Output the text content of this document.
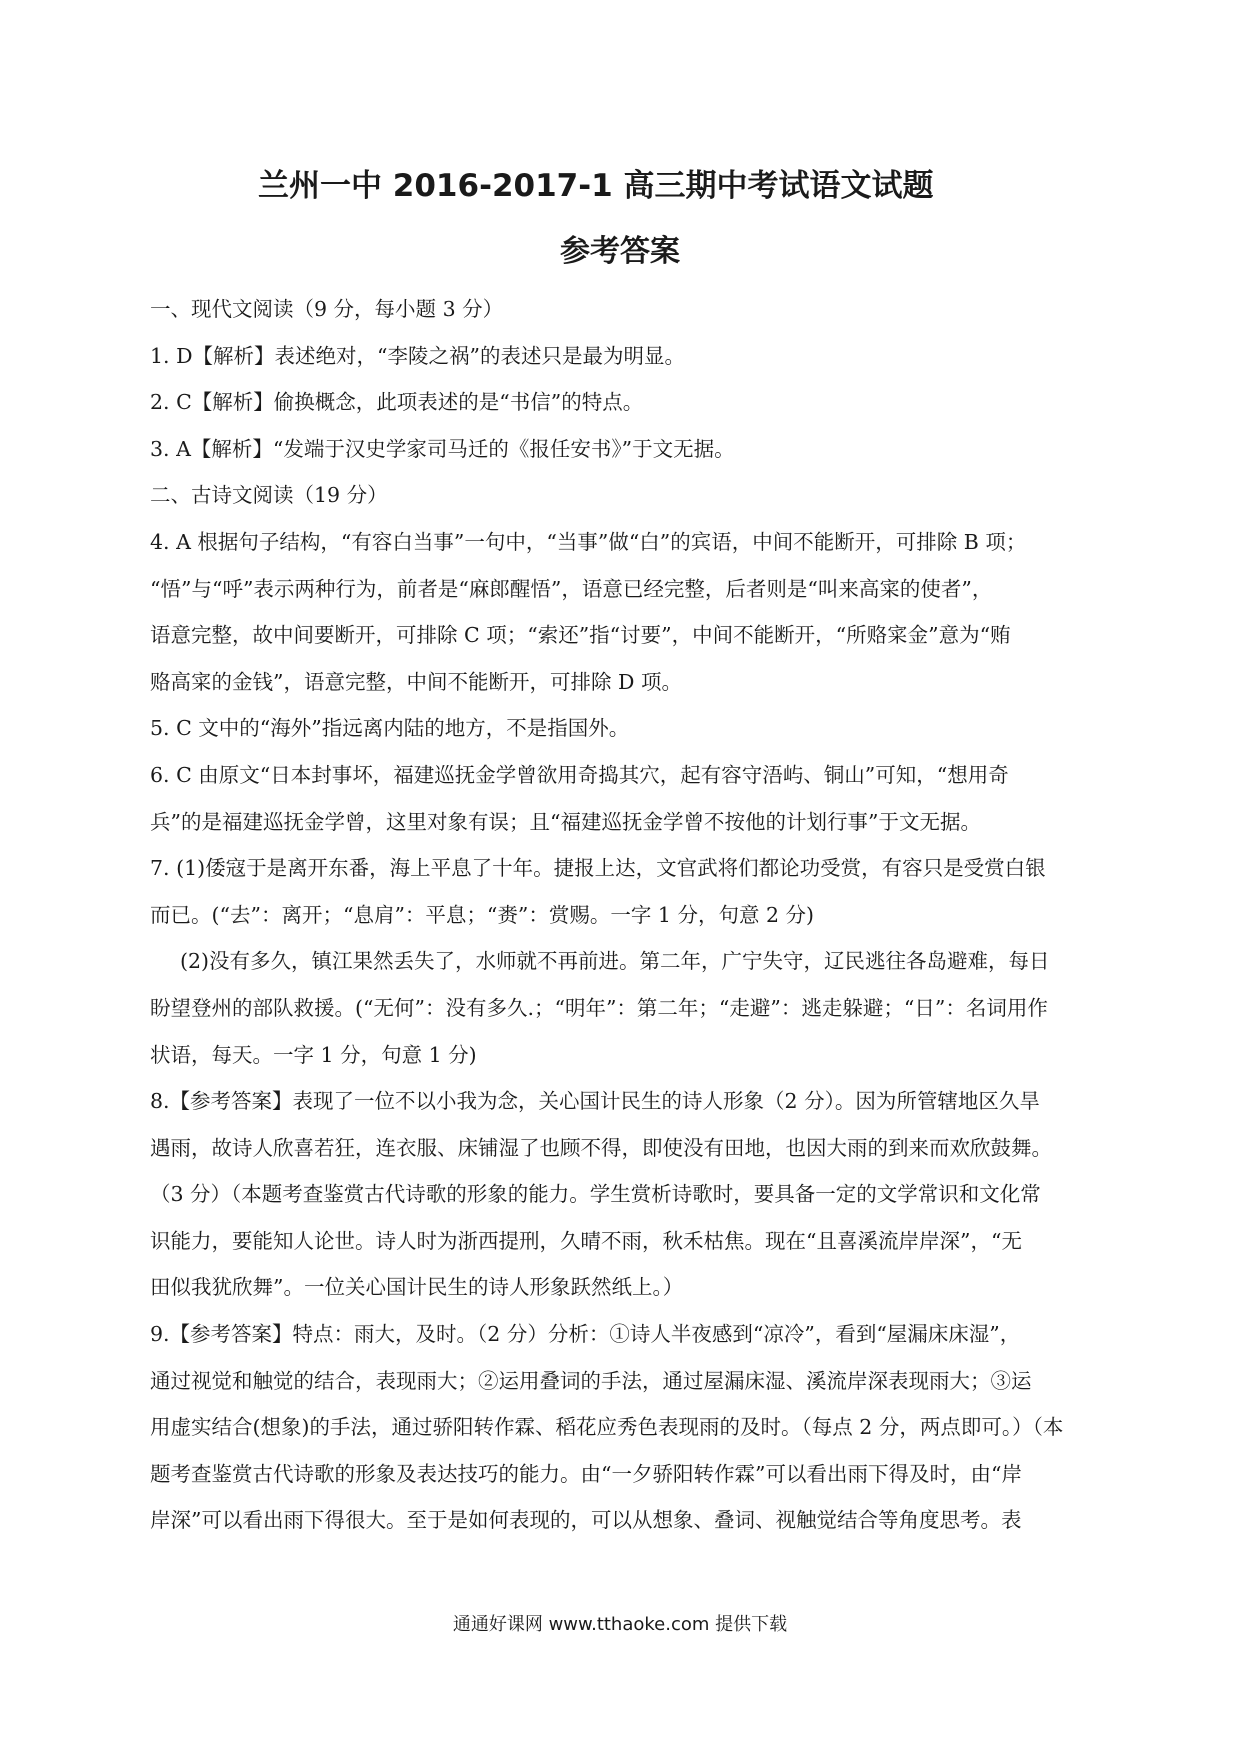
兰州一中 2016-2017-1 高三期中考试语文试题
参考答案
一、现代文阅读（9 分，每小题 3 分）
1. D【解析】表述绝对，“李陵之祸”的表述只是最为明显。
2. C【解析】偷换概念，此项表述的是“书信”的特点。
3. A【解析】“发端于汉史学家司马迁的《报任安书》”于文无据。
二、古诗文阅读（19 分）
4. A 根据句子结构，“有容白当事”一句中，“当事”做“白”的宾语，中间不能断开，可排除 B 项；
“悟”与“呼”表示两种行为，前者是“麻郎醒悟”，语意已经完整，后者则是“叫来高寀的使者”，
语意完整，故中间要断开，可排除 C 项；“索还”指“讨要”，中间不能断开，“所赂寀金”意为“贿
赂高寀的金钱”，语意完整，中间不能断开，可排除 D 项。
5. C 文中的“海外”指远离内陆的地方，不是指国外。
6. C 由原文“日本封事坏，福建巡抚金学曾欲用奇捣其穴，起有容守浯屿、铜山”可知，“想用奇
兵”的是福建巡抚金学曾，这里对象有误；且“福建巡抚金学曾不按他的计划行事”于文无据。
7. (1)倭寇于是离开东番，海上平息了十年。捷报上达，文官武将们都论功受赏，有容只是受赏白银
而已。(“去”：离开；“息肩”：平息；“赉”：赏赐。一字 1 分，句意 2 分)
(2)没有多久，镇江果然丢失了，水师就不再前进。第二年，广宁失守，辽民逃往各岛避难，每日
盼望登州的部队救援。(“无何”：没有多久.；“明年”：第二年；“走避”：逃走躲避；“日”：名词用作
状语，每天。一字 1 分，句意 1 分)
8.【参考答案】表现了一位不以小我为念，关心国计民生的诗人形象（2 分）。因为所管辖地区久旱
遇雨，故诗人欣喜若狂，连衣服、床铺湿了也顾不得，即使没有田地，也因大雨的到来而欢欣鼓舞。
（3 分）（本题考查鉴赏古代诗歌的形象的能力。学生赏析诗歌时，要具备一定的文学常识和文化常
识能力，要能知人论世。诗人时为浙西提刑，久晴不雨，秋禾枯焦。现在“且喜溪流岸岸深”，“无
田似我犹欣舞”。一位关心国计民生的诗人形象跃然纸上。）
9.【参考答案】特点：雨大，及时。（2 分）分析：①诗人半夜感到“凉冷”，看到“屋漏床床湿”，
通过视觉和触觉的结合，表现雨大；②运用叠词的手法，通过屋漏床湿、溪流岸深表现雨大；③运
用虚实结合(想象)的手法，通过骄阳转作霖、稻花应秀色表现雨的及时。（每点 2 分，两点即可。）（本
题考查鉴赏古代诗歌的形象及表达技巧的能力。由“一夕骄阳转作霖”可以看出雨下得及时，由“岸
岸深”可以看出雨下得很大。至于是如何表现的，可以从想象、叠词、视触觉结合等角度思考。表
通通好课网 www.tthaoke.com 提供下载
